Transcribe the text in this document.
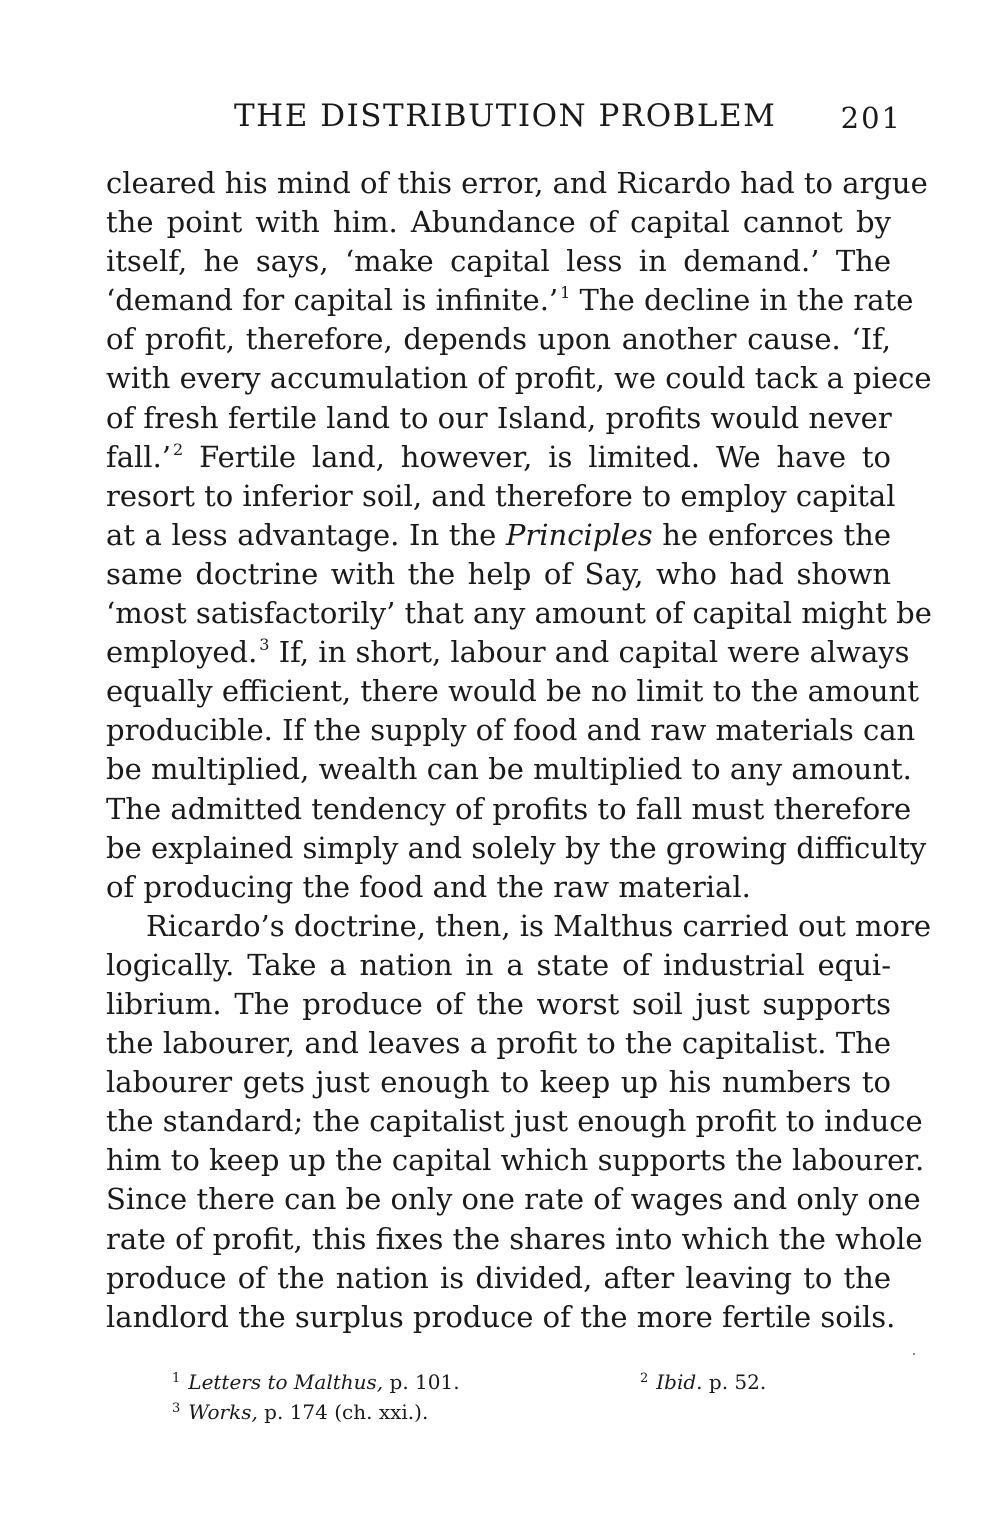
THE DISTRIBUTION PROBLEM 201
cleared his mind of this error, and Ricardo had to argue
the point with him. Abundance of capital cannot by
itself, he says, ‘make capital less in demand.’ The
‘demand for capital is infinite.’ $^1$ The decline in the rate
of profit, therefore, depends upon another cause. ‘If,
with every accumulation of profit, we could tack a piece
of fresh fertile land to our Island, profits would never
fall.’ $^2$ Fertile land, however, is limited. We have to
resort to inferior soil, and therefore to employ capital
at a less advantage. In the Principles he enforces the
same doctrine with the help of Say, who had shown
‘most satisfactorily’ that any amount of capital might be
employed. $^3$ If, in short, labour and capital were always
equally efficient, there would be no limit to the amount
producible. If the supply of food and raw materials can
be multiplied, wealth can be multiplied to any amount.
The admitted tendency of profits to fall must therefore
be explained simply and solely by the growing difficulty
of producing the food and the raw material.
Ricardo’s doctrine, then, is Malthus carried out more
logically. Take a nation in a state of industrial equi-
librium. The produce of the worst soil just supports
the labourer, and leaves a profit to the capitalist. The
labourer gets just enough to keep up his numbers to
the standard; the capitalist just enough profit to induce
him to keep up the capital which supports the labourer.
Since there can be only one rate of wages and only one
rate of profit, this fixes the shares into which the whole
produce of the nation is divided, after leaving to the
landlord the surplus produce of the more fertile soils.
$^1$ Letters to Malthus, p. 101.	$^2$ Ibid. p. 52.
$^3$ Works, p. 174 (ch. xxi.).
